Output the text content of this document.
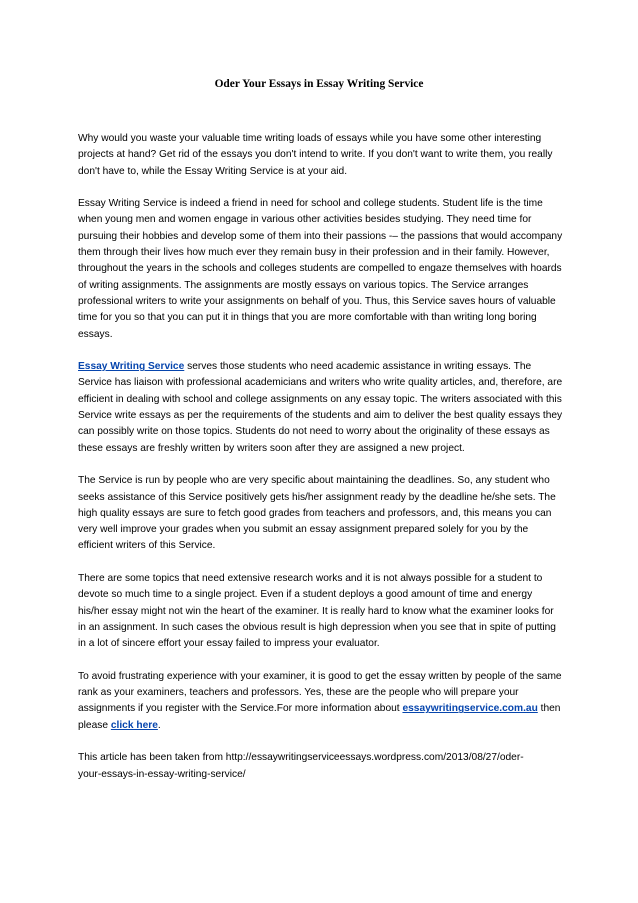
Oder Your Essays in Essay Writing Service

Why would you waste your valuable time writing loads of essays while you have some other interesting projects at hand? Get rid of the essays you don't intend to write. If you don't want to write them, you really don't have to, while the Essay Writing Service is at your aid.

Essay Writing Service is indeed a friend in need for school and college students. Student life is the time when young men and women engage in various other activities besides studying. They need time for pursuing their hobbies and develop some of them into their passions -– the passions that would accompany them through their lives how much ever they remain busy in their profession and in their family. However, throughout the years in the schools and colleges students are compelled to engaze themselves with hoards of writing assignments. The assignments are mostly essays on various topics. The Service arranges professional writers to write your assignments on behalf of you. Thus, this Service saves hours of valuable time for you so that you can put it in things that you are more comfortable with than writing long boring essays.

Essay Writing Service serves those students who need academic assistance in writing essays. The Service has liaison with professional academicians and writers who write quality articles, and, therefore, are efficient in dealing with school and college assignments on any essay topic. The writers associated with this Service write essays as per the requirements of the students and aim to deliver the best quality essays they can possibly write on those topics. Students do not need to worry about the originality of these essays as these essays are freshly written by writers soon after they are assigned a new project.

The Service is run by people who are very specific about maintaining the deadlines. So, any student who seeks assistance of this Service positively gets his/her assignment ready by the deadline he/she sets. The high quality essays are sure to fetch good grades from teachers and professors, and, this means you can very well improve your grades when you submit an essay assignment prepared solely for you by the efficient writers of this Service.

There are some topics that need extensive research works and it is not always possible for a student to devote so much time to a single project. Even if a student deploys a good amount of time and energy his/her essay might not win the heart of the examiner. It is really hard to know what the examiner looks for in an assignment. In such cases the obvious result is high depression when you see that in spite of putting in a lot of sincere effort your essay failed to impress your evaluator.

To avoid frustrating experience with your examiner, it is good to get the essay written by people of the same rank as your examiners, teachers and professors. Yes, these are the people who will prepare your assignments if you register with the Service.For more information about essaywritingservice.com.au then please click here.

This article has been taken from http://essaywritingserviceessays.wordpress.com/2013/08/27/oder-
your-essays-in-essay-writing-service/
